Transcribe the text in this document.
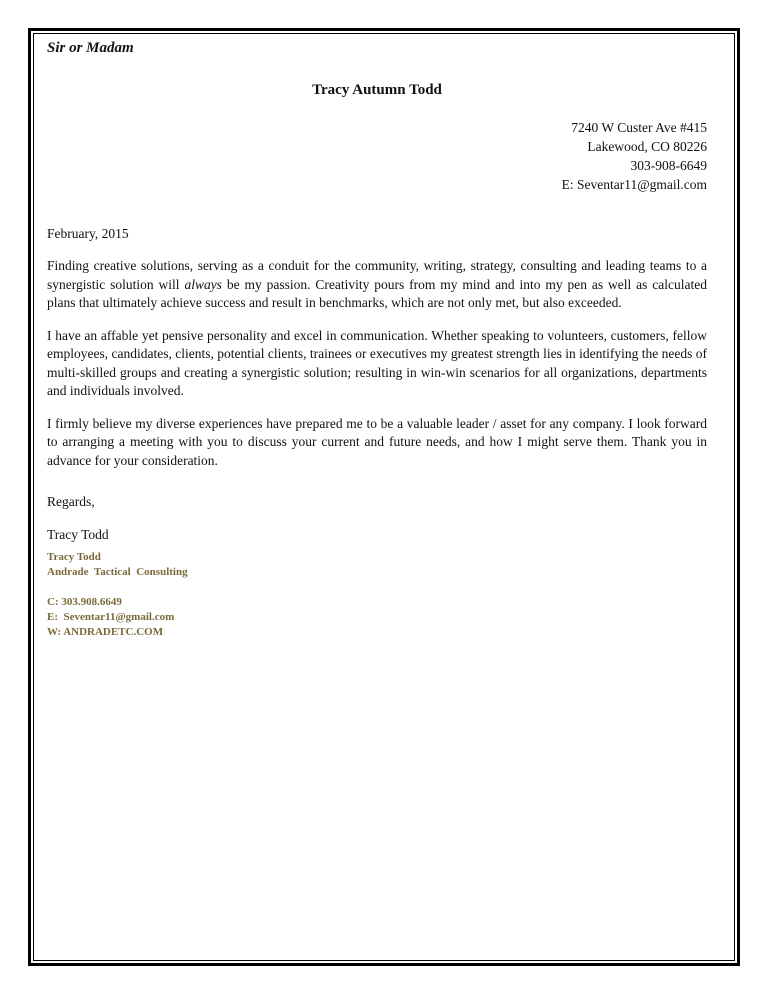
Sir or Madam

Tracy Autumn Todd

7240 W Custer Ave #415
Lakewood, CO 80226
303-908-6649
E: Seventar11@gmail.com
February, 2015
Finding creative solutions, serving as a conduit for the community, writing, strategy, consulting and leading teams to a synergistic solution will always be my passion. Creativity pours from my mind and into my pen as well as calculated plans that ultimately achieve success and result in benchmarks, which are not only met, but also exceeded.
I have an affable yet pensive personality and excel in communication. Whether speaking to volunteers, customers, fellow employees, candidates, clients, potential clients, trainees or executives my greatest strength lies in identifying the needs of multi-skilled groups and creating a synergistic solution; resulting in win-win scenarios for all organizations, departments and individuals involved.
I firmly believe my diverse experiences have prepared me to be a valuable leader / asset for any company. I look forward to arranging a meeting with you to discuss your current and future needs, and how I might serve them. Thank you in advance for your consideration.
Regards,
Tracy Todd
Tracy Todd
Andrade  Tactical  Consulting
C: 303.908.6649
E:  Seventar11@gmail.com
W: ANDRADETC.COM
